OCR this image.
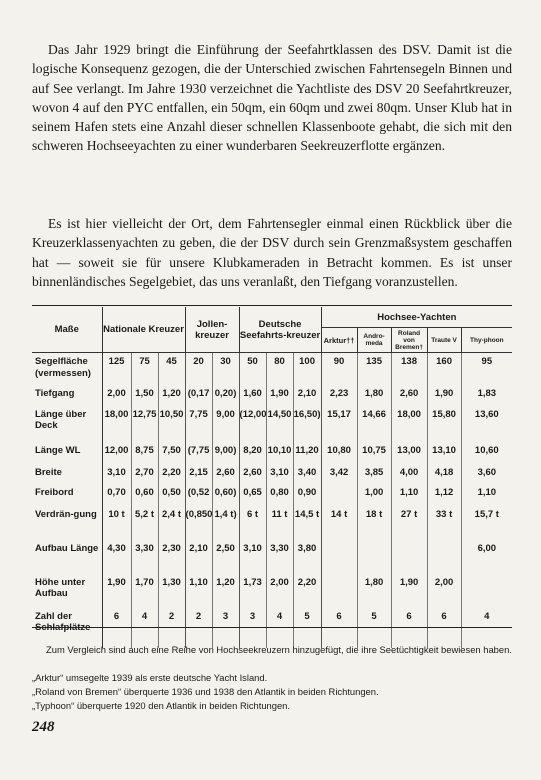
Das Jahr 1929 bringt die Einführung der Seefahrtklassen des DSV. Damit ist die logische Konsequenz gezogen, die der Unterschied zwischen Fahrtensegeln Binnen und auf See verlangt. Im Jahre 1930 verzeichnet die Yachtliste des DSV 20 Seefahrtkreuzer, wovon 4 auf den PYC entfallen, ein 50qm, ein 60qm und zwei 80qm. Unser Klub hat in seinem Hafen stets eine Anzahl dieser schnellen Klassenboote gehabt, die sich mit den schweren Hochseeyachten zu einer wunderbaren Seekreuzerflotte ergänzen.

Es ist hier vielleicht der Ort, dem Fahrtensegler einmal einen Rückblick über die Kreuzerklassenyachten zu geben, die der DSV durch sein Grenzmaßsystem geschaffen hat — soweit sie für unsere Klubkameraden in Betracht kommen. Es ist unser binnenländisches Segelgebiet, das uns veranlaßt, den Tiefgang voranzustellen.

Maße	Nationale Kreuzer			Jollen-kreuzer		Deutsche Seefahrts-kreuzer			Hochsee-Yachten				
									Arktur††	Andro-meda	Roland von Bremen†	Traute V	Thy-phoon
Segelfläche (vermessen)	125	75	45	20	30	50	80	100	90	135	138	160	95
Tiefgang	2,00	1,50	1,20	(0,17	0,20)	1,60	1,90	2,10	2,23	1,80	2,60	1,90	1,83
Länge über Deck	18,00	12,75	10,50	7,75	9,00	(12,00	14,50	16,50)	15,17	14,66	18,00	15,80	13,60
Länge WL	12,00	8,75	7,50	(7,75	9,00)	8,20	10,10	11,20	10,80	10,75	13,00	13,10	10,60
Breite	3,10	2,70	2,20	2,15	2,60	2,60	3,10	3,40	3,42	3,85	4,00	4,18	3,60
Freibord	0,70	0,60	0,50	(0,52	0,60)	0,65	0,80	0,90		1,00	1,10	1,12	1,10
Verdrän-gung	10 t	5,2 t	2,4 t	(0,850	1,4 t)	6 t	11 t	14,5 t	14 t	18 t	27 t	33 t	15,7 t
Aufbau Länge	4,30	3,30	2,30	2,10	2,50	3,10	3,30	3,80					6,00
Höhe unter Aufbau	1,90	1,70	1,30	1,10	1,20	1,73	2,00	2,20		1,80	1,90	2,00	
Zahl der Schlafplätze	6	4	2	2	3	3	4	5	6	5	6	6	4

Zum Vergleich sind auch eine Reihe von Hochseekreuzern hinzugefügt, die ihre Seetüchtigkeit bewiesen haben.

„Arktur“ umsegelte 1939 als erste deutsche Yacht Island.

„Roland von Bremen“ überquerte 1936 und 1938 den Atlantik in beiden Richtungen.

„Typhoon“ überquerte 1920 den Atlantik in beiden Richtungen.

248
